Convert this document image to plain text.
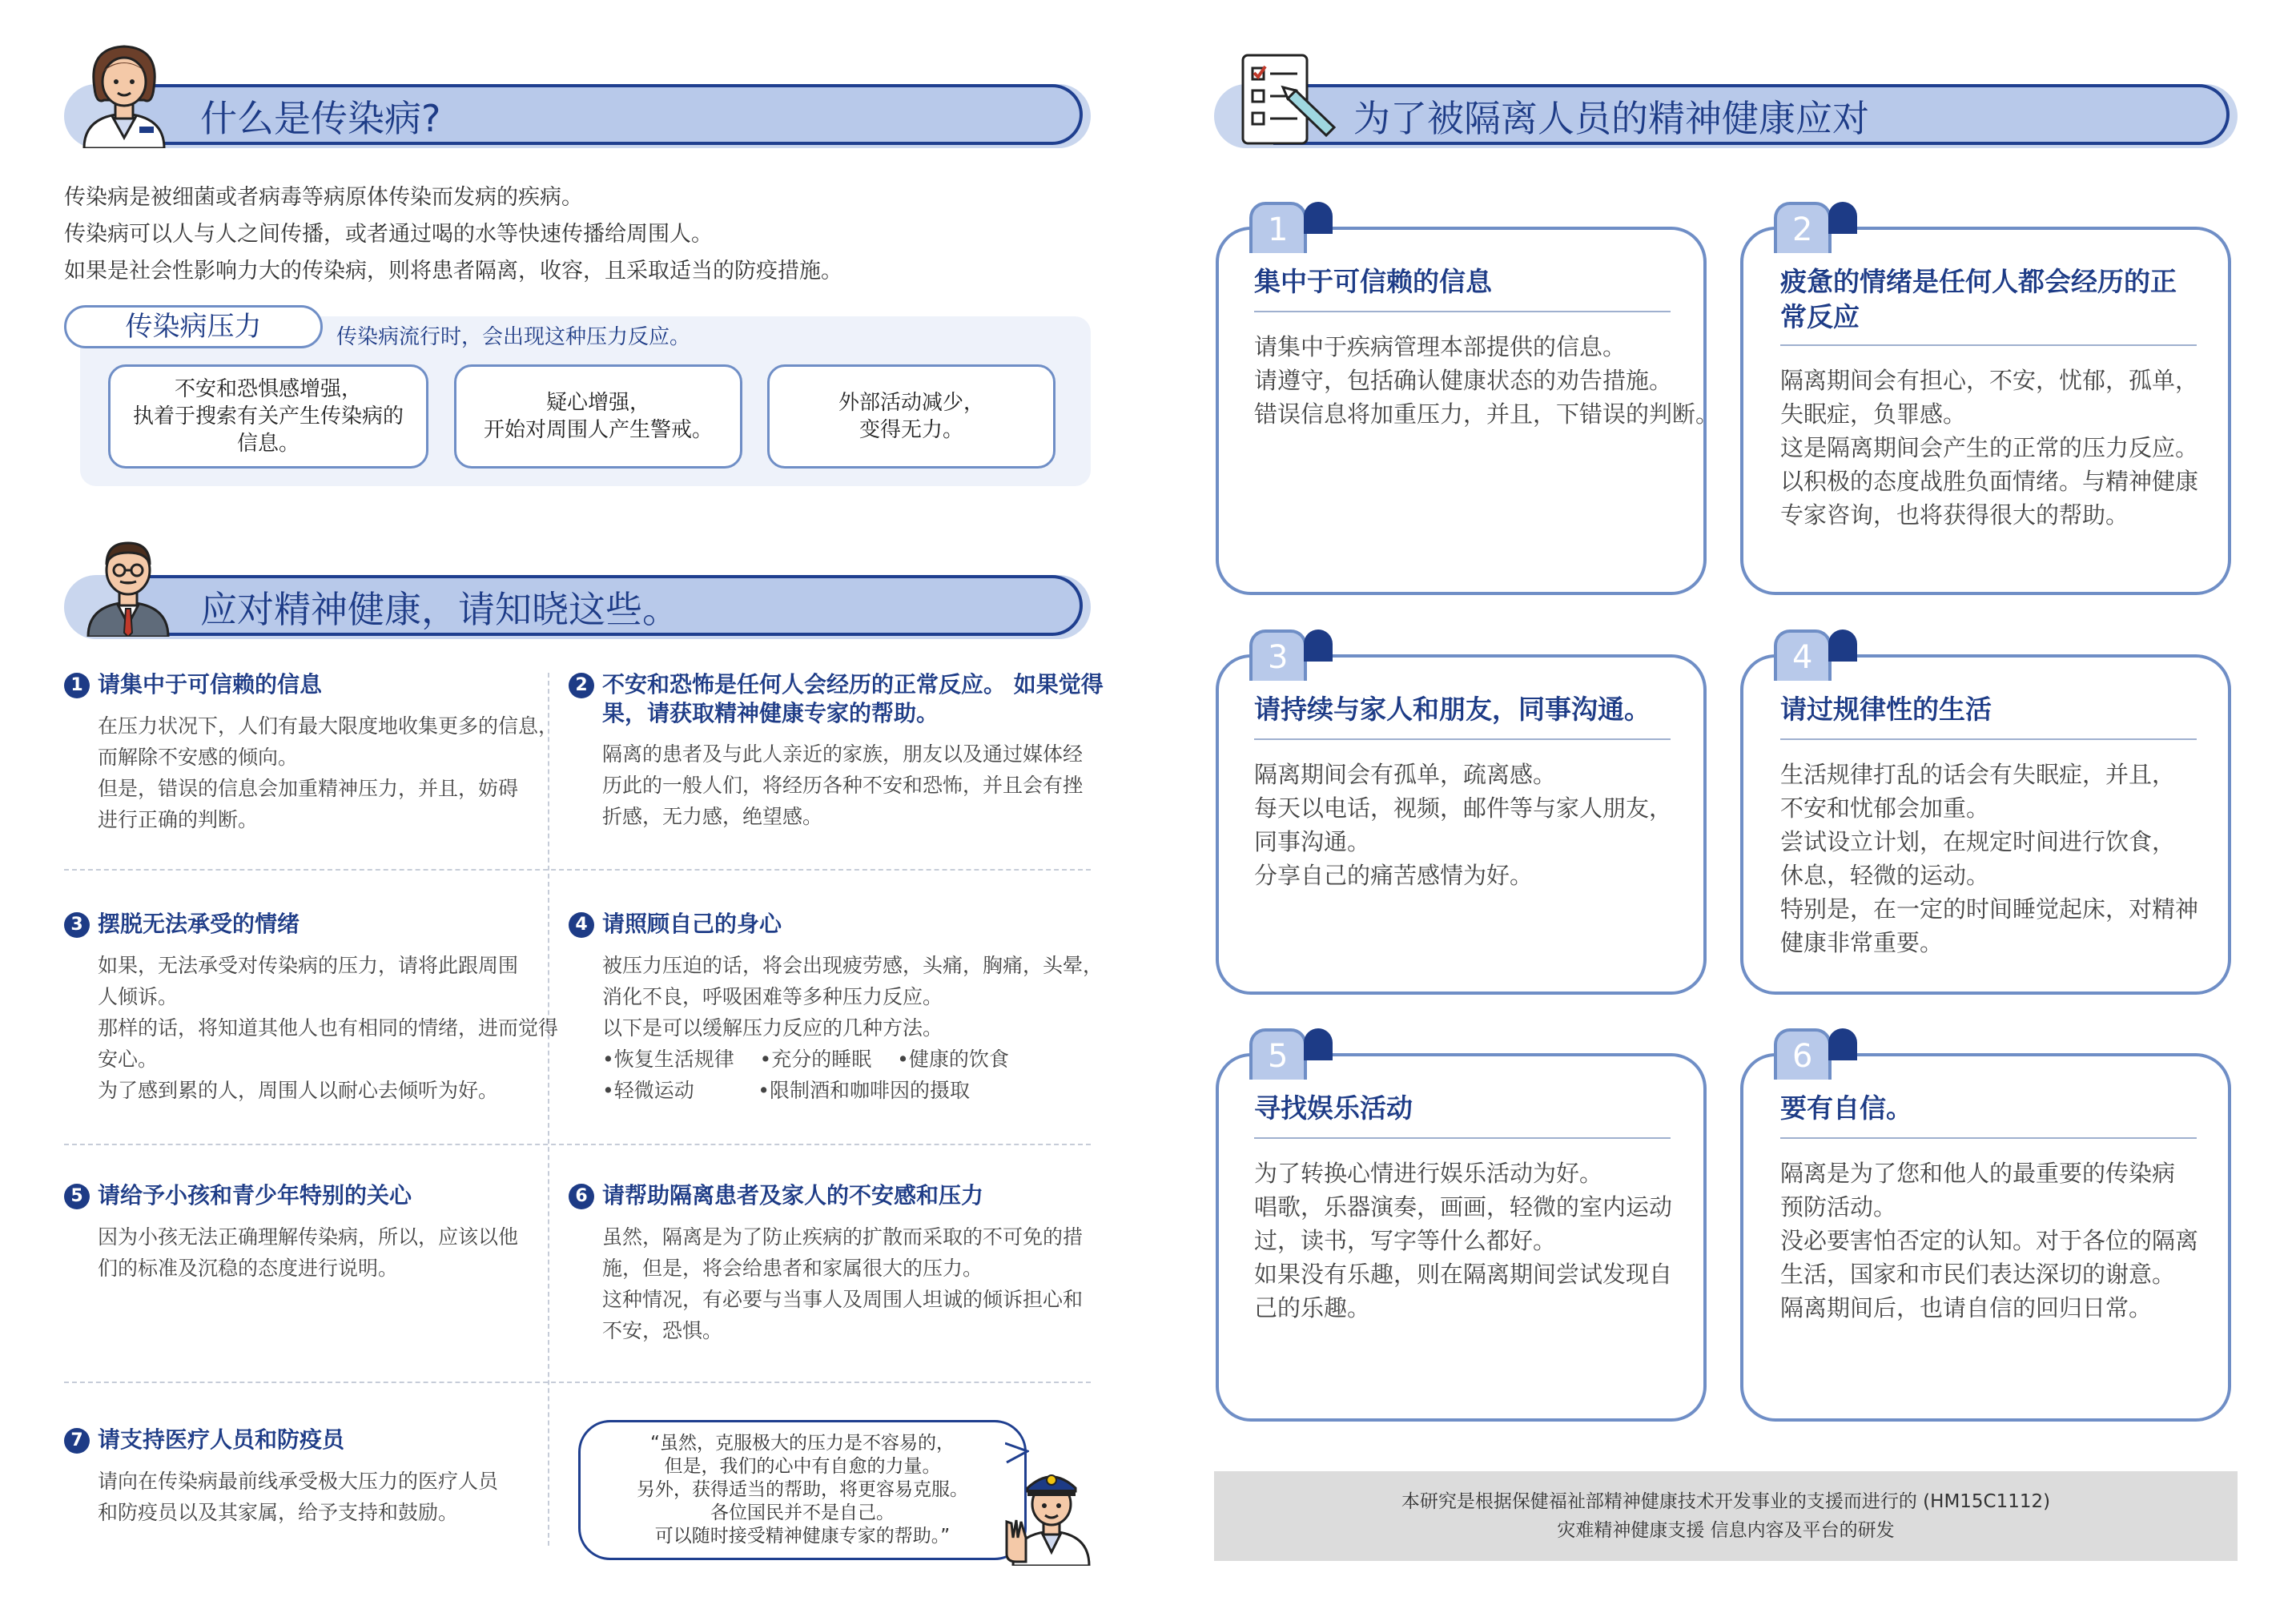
什么是传染病?
传染病是被细菌或者病毒等病原体传染而发病的疾病。
传染病可以人与人之间传播，或者通过喝的水等快速传播给周围人。
如果是社会性影响力大的传染病，则将患者隔离，收容，且采取适当的防疫措施。
传染病压力	传染病流行时，会出现这种压力反应。
不安和恐惧感增强，
执着于搜索有关产生传染病的
信息。
疑心增强，
开始对周围人产生警戒。
外部活动减少，
变得无力。
应对精神健康，请知晓这些。
1 请集中于可信赖的信息
在压力状况下，人们有最大限度地收集更多的信息，
而解除不安感的倾向。
但是，错误的信息会加重精神压力，并且，妨碍
进行正确的判断。
2 不安和恐怖是任何人会经历的正常反应。 如果觉得
果，请获取精神健康专家的帮助。
隔离的患者及与此人亲近的家族，朋友以及通过媒体经
历此的一般人们，将经历各种不安和恐怖，并且会有挫
折感，无力感，绝望感。
3 摆脱无法承受的情绪
如果，无法承受对传染病的压力，请将此跟周围
人倾诉。
那样的话，将知道其他人也有相同的情绪，进而觉得
安心。
为了感到累的人，周围人以耐心去倾听为好。
4 请照顾自己的身心
被压力压迫的话，将会出现疲劳感，头痛，胸痛，头晕，
消化不良，呼吸困难等多种压力反应。
以下是可以缓解压力反应的几种方法。
•恢复生活规律    •充分的睡眠    •健康的饮食
•轻微运动          •限制酒和咖啡因的摄取
5 请给予小孩和青少年特别的关心
因为小孩无法正确理解传染病，所以，应该以他
们的标准及沉稳的态度进行说明。
6 请帮助隔离患者及家人的不安感和压力
虽然，隔离是为了防止疾病的扩散而采取的不可免的措
施，但是，将会给患者和家属很大的压力。
这种情况，有必要与当事人及周围人坦诚的倾诉担心和
不安，恐惧。
7 请支持医疗人员和防疫员
请向在传染病最前线承受极大压力的医疗人员
和防疫员以及其家属，给予支持和鼓励。
“虽然，克服极大的压力是不容易的，
但是，我们的心中有自愈的力量。
另外，获得适当的帮助，将更容易克服。
各位国民并不是自己。
可以随时接受精神健康专家的帮助。”
为了被隔离人员的精神健康应对
1
集中于可信赖的信息
请集中于疾病管理本部提供的信息。
请遵守，包括确认健康状态的劝告措施。
错误信息将加重压力，并且，下错误的判断。
2
疲惫的情绪是任何人都会经历的正
常反应
隔离期间会有担心，不安，忧郁，孤单，
失眠症，负罪感。
这是隔离期间会产生的正常的压力反应。
以积极的态度战胜负面情绪。与精神健康
专家咨询，也将获得很大的帮助。
3
请持续与家人和朋友，同事沟通。
隔离期间会有孤单，疏离感。
每天以电话，视频，邮件等与家人朋友，
同事沟通。
分享自己的痛苦感情为好。
4
请过规律性的生活
生活规律打乱的话会有失眠症，并且，
不安和忧郁会加重。
尝试设立计划，在规定时间进行饮食，
休息，轻微的运动。
特别是，在一定的时间睡觉起床，对精神
健康非常重要。
5
寻找娱乐活动
为了转换心情进行娱乐活动为好。
唱歌，乐器演奏，画画，轻微的室内运动
过，读书，写字等什么都好。
如果没有乐趣，则在隔离期间尝试发现自
己的乐趣。
6
要有自信。
隔离是为了您和他人的最重要的传染病
预防活动。
没必要害怕否定的认知。对于各位的隔离
生活，国家和市民们表达深切的谢意。
隔离期间后，也请自信的回归日常。
本研究是根据保健福祉部精神健康技术开发事业的支援而进行的 (HM15C1112)
灾难精神健康支援 信息内容及平台的研发
